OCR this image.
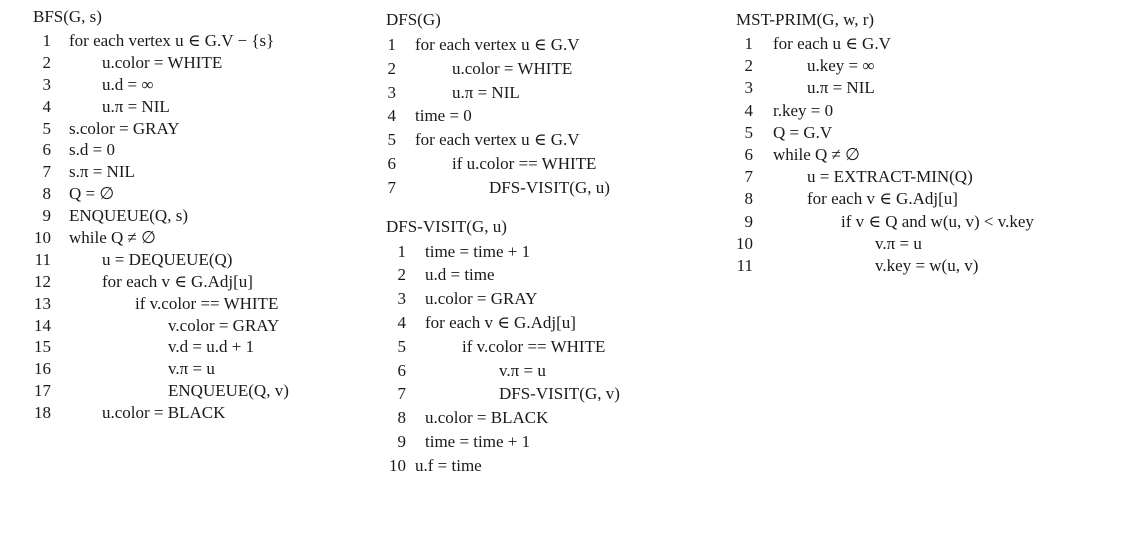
BFS(G, s)
1 for each vertex u ∈ G.V − {s}
2	u.color = WHITE
3	u.d = ∞
4	u.π = NIL
5 s.color = GRAY
6 s.d = 0
7 s.π = NIL
8 Q = ∅
9 ENQUEUE(Q, s)
10 while Q ≠ ∅
11	u = DEQUEUE(Q)
12	for each v ∈ G.Adj[u]
13	if v.color == WHITE
14	v.color = GRAY
15	v.d = u.d + 1
16	v.π = u
17	ENQUEUE(Q, v)
18	u.color = BLACK
DFS(G)
1 for each vertex u ∈ G.V
2	u.color = WHITE
3	u.π = NIL
4 time = 0
5 for each vertex u ∈ G.V
6	if u.color == WHITE
7	DFS-VISIT(G, u)
DFS-VISIT(G, u)
1 time = time + 1
2 u.d = time
3 u.color = GRAY
4 for each v ∈ G.Adj[u]
5	if v.color == WHITE
6	v.π = u
7	DFS-VISIT(G, v)
8 u.color = BLACK
9 time = time + 1
10 u.f = time
MST-PRIM(G, w, r)
1 for each u ∈ G.V
2	u.key = ∞
3	u.π = NIL
4 r.key = 0
5 Q = G.V
6 while Q ≠ ∅
7	u = EXTRACT-MIN(Q)
8	for each v ∈ G.Adj[u]
9	if v ∈ Q and w(u, v) < v.key
10	v.π = u
11	v.key = w(u, v)
